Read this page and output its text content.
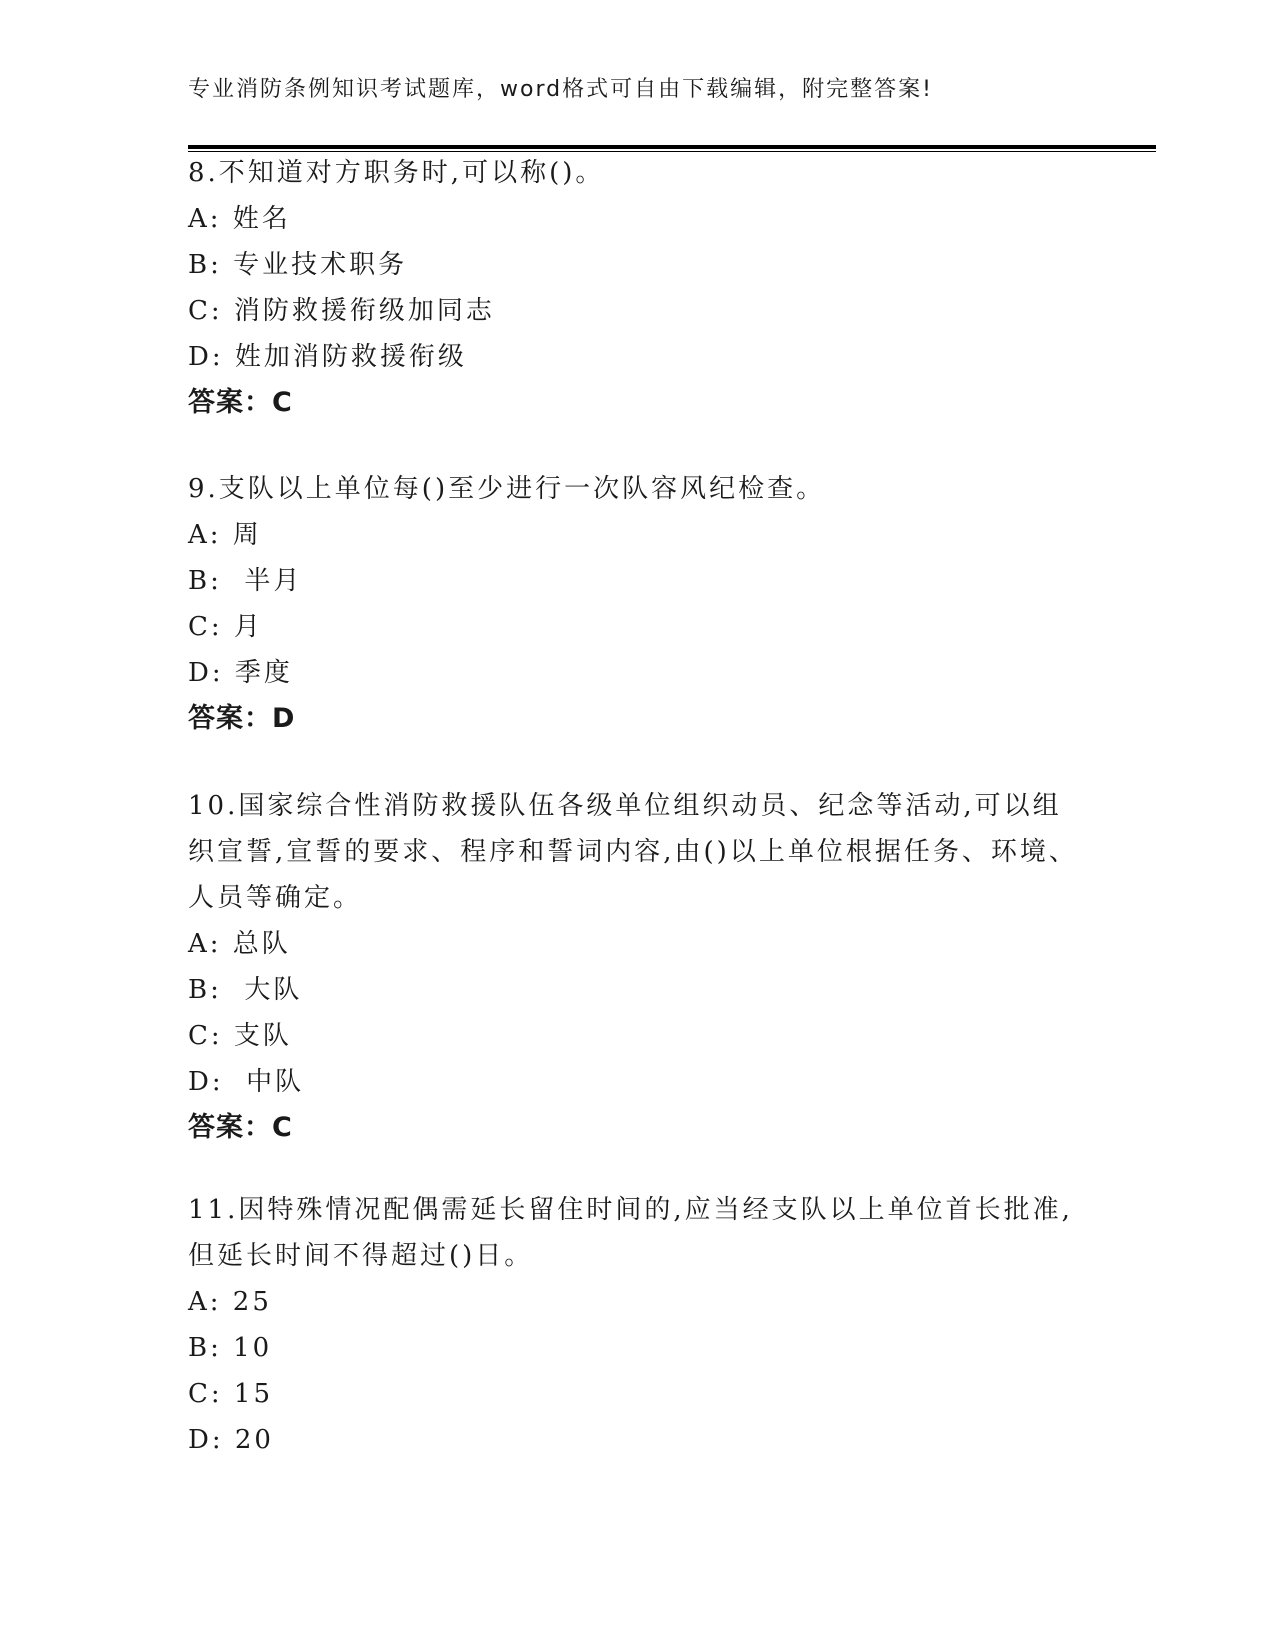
专业消防条例知识考试题库，word格式可自由下载编辑，附完整答案!

8.不知道对方职务时,可以称()。

A: 姓名
B: 专业技术职务
C: 消防救援衔级加同志
D: 姓加消防救援衔级
答案：C

9.支队以上单位每()至少进行一次队容风纪检查。

A: 周
B:  半月
C: 月
D: 季度
答案：D

10.国家综合性消防救援队伍各级单位组织动员、纪念等活动,可以组织宣誓,宣誓的要求、程序和誓词内容,由()以上单位根据任务、环境、人员等确定。

A: 总队
B:  大队
C: 支队
D:  中队
答案：C

11.因特殊情况配偶需延长留住时间的,应当经支队以上单位首长批准,但延长时间不得超过()日。

A: 25
B: 10
C: 15
D: 20
